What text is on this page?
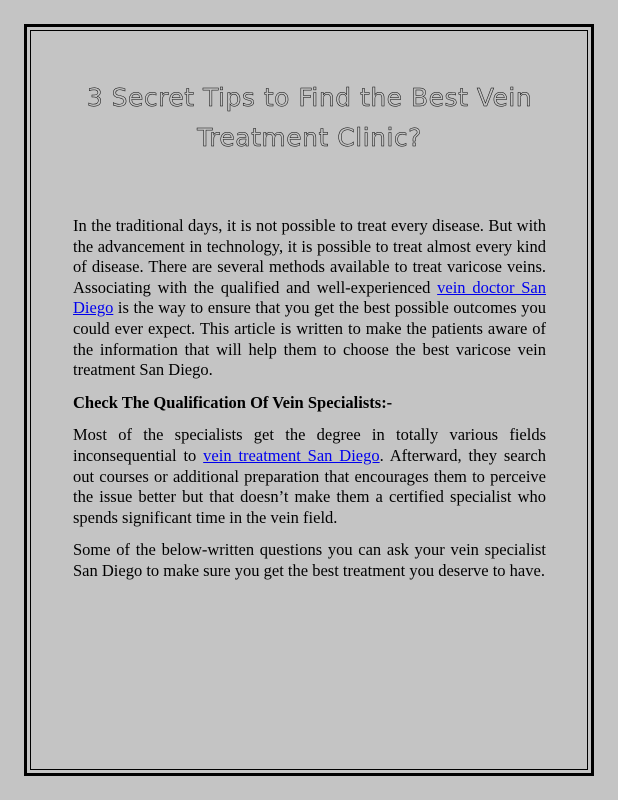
3 Secret Tips to Find the Best Vein
Treatment Clinic?

In the traditional days, it is not possible to treat every disease. But with the advancement in technology, it is possible to treat almost every kind of disease. There are several methods available to treat varicose veins. Associating with the qualified and well-experienced vein doctor San Diego is the way to ensure that you get the best possible outcomes you could ever expect. This article is written to make the patients aware of the information that will help them to choose the best varicose vein treatment San Diego.

Check The Qualification Of Vein Specialists:-

Most of the specialists get the degree in totally various fields inconsequential to vein treatment San Diego. Afterward, they search out courses or additional preparation that encourages them to perceive the issue better but that doesn’t make them a certified specialist who spends significant time in the vein field.

Some of the below-written questions you can ask your vein specialist San Diego to make sure you get the best treatment you deserve to have.
